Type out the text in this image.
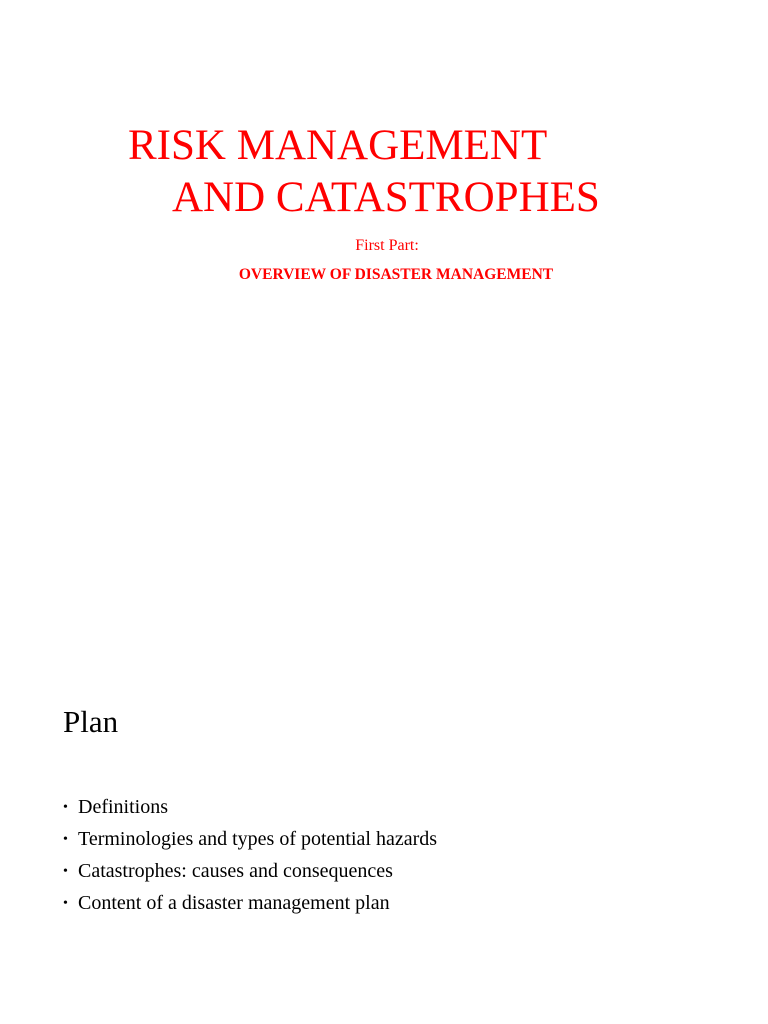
RISK MANAGEMENT
AND CATASTROPHES

First Part:

OVERVIEW OF DISASTER MANAGEMENT

Plan
• Definitions
• Terminologies and types of potential hazards
• Catastrophes: causes and consequences
• Content of a disaster management plan
